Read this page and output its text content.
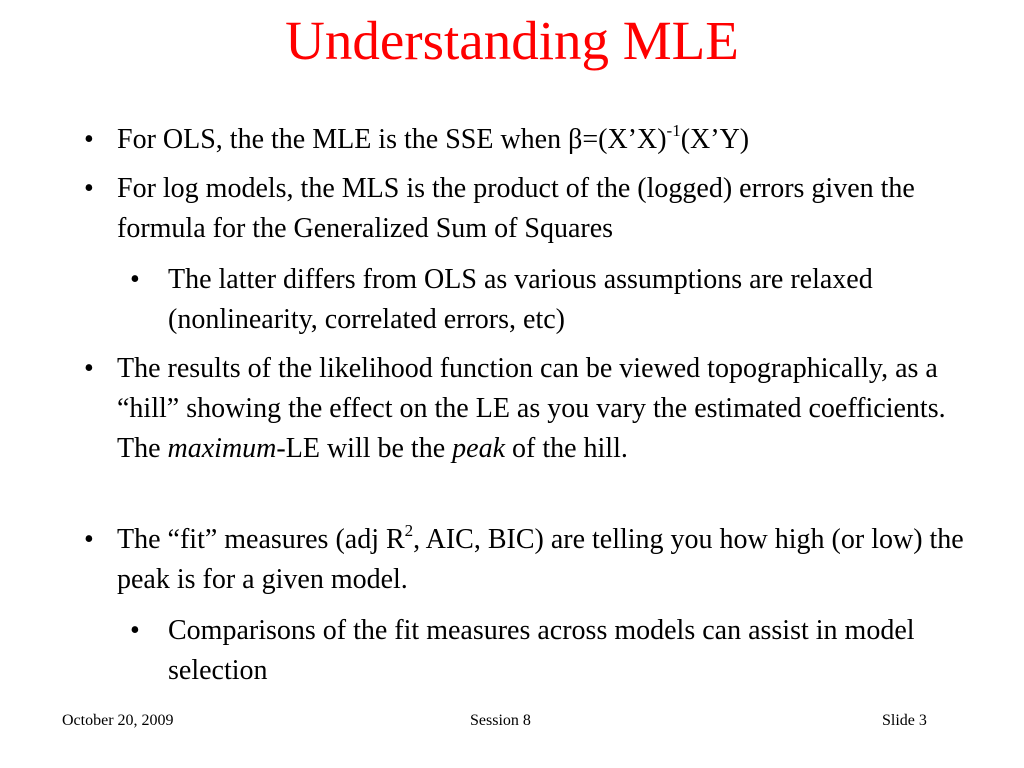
Understanding MLE
• For OLS, the the MLE is the SSE when β=(X’X)$^{-1}$(X’Y)
• For log models, the MLS is the product of the (logged) errors given the formula for the Generalized Sum of Squares
• The latter differs from OLS as various assumptions are relaxed (nonlinearity, correlated errors, etc)
• The results of the likelihood function can be viewed topographically, as a “hill” showing the effect on the LE as you vary the estimated coefficients. The maximum-LE will be the peak of the hill.
• The “fit” measures (adj $R^2$, AIC, BIC) are telling you how high (or low) the peak is for a given model.
• Comparisons of the fit measures across models can assist in model selection
October 20, 2009	Session 8	Slide 3
